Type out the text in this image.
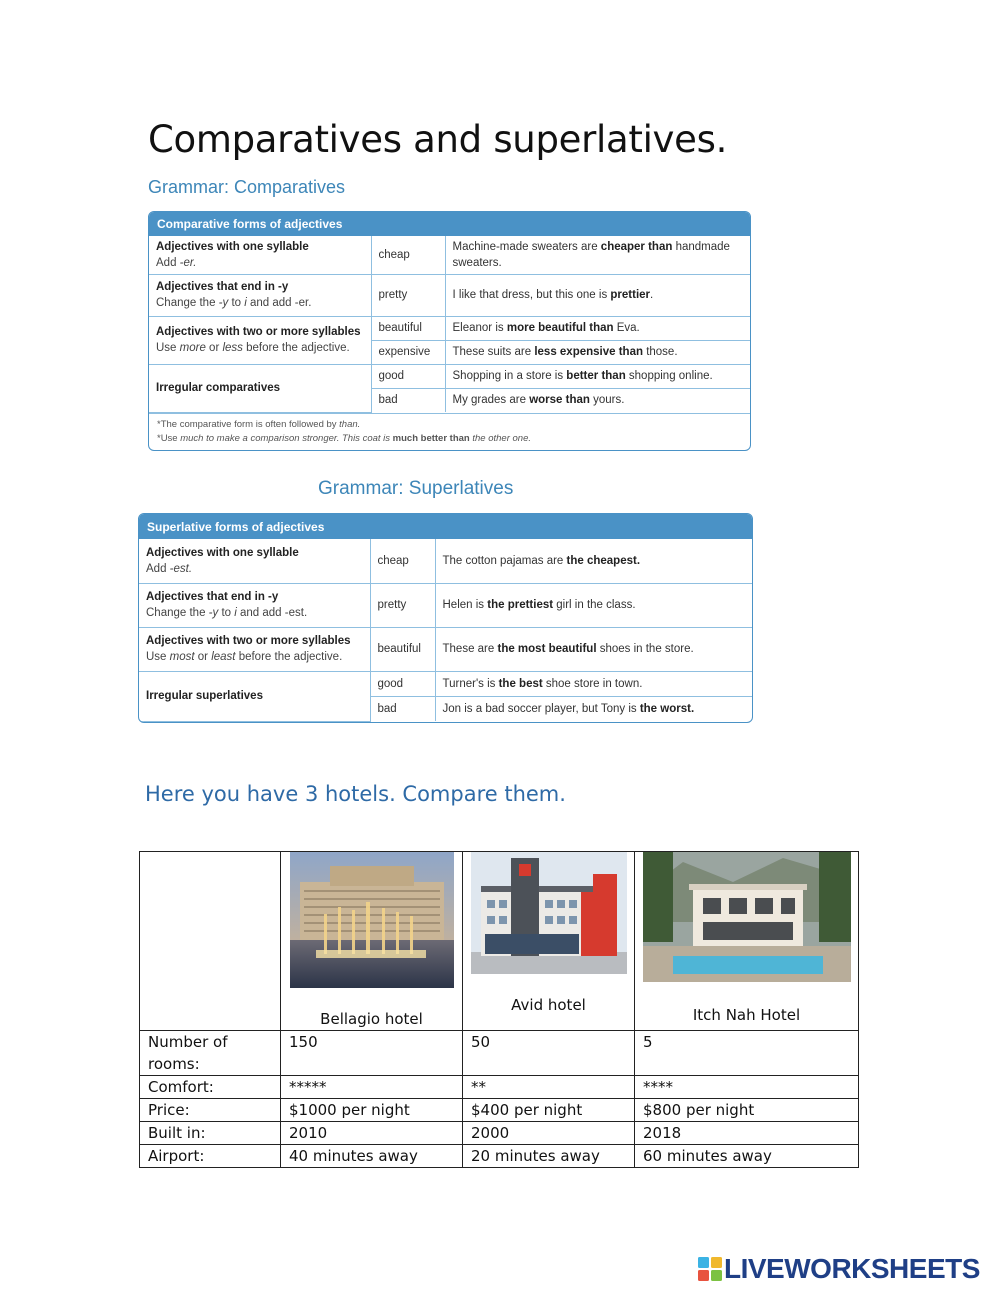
Comparatives and superlatives.
Grammar: Comparatives
Comparative forms of adjectives
Adjectives with one syllable
Add -er.	cheap	Machine-made sweaters are cheaper than handmade sweaters.

Adjectives that end in -y
Change the -y to i and add -er.	pretty	I like that dress, but this one is prettier.

Adjectives with two or more syllables
Use more or less before the adjective.	beautiful	Eleanor is more beautiful than Eva.
	expensive	These suits are less expensive than those.

Irregular comparatives	good	Shopping in a store is better than shopping online.
	bad	My grades are worse than yours.
*The comparative form is often followed by than.
*Use much to make a comparison stronger. This coat is much better than the other one.
Grammar: Superlatives
Superlative forms of adjectives
Adjectives with one syllable
Add -est.	cheap	The cotton pajamas are the cheapest.

Adjectives that end in -y
Change the -y to i and add -est.	pretty	Helen is the prettiest girl in the class.

Adjectives with two or more syllables
Use most or least before the adjective.	beautiful	These are the most beautiful shoes in the store.

Irregular superlatives	good	Turner's is the best shoe store in town.
	bad	Jon is a bad soccer player, but Tony is the worst.
Here you have 3 hotels. Compare them.

	Bellagio hotel	Avid hotel	Itch Nah Hotel

Number of rooms:	150	50	5
Comfort:	*****	**	****
Price:	$1000 per night	$400 per night	$800 per night
Built in:	2010	2000	2018
Airport:	40 minutes away	20 minutes away	60 minutes away
LIVEWORKSHEETS
